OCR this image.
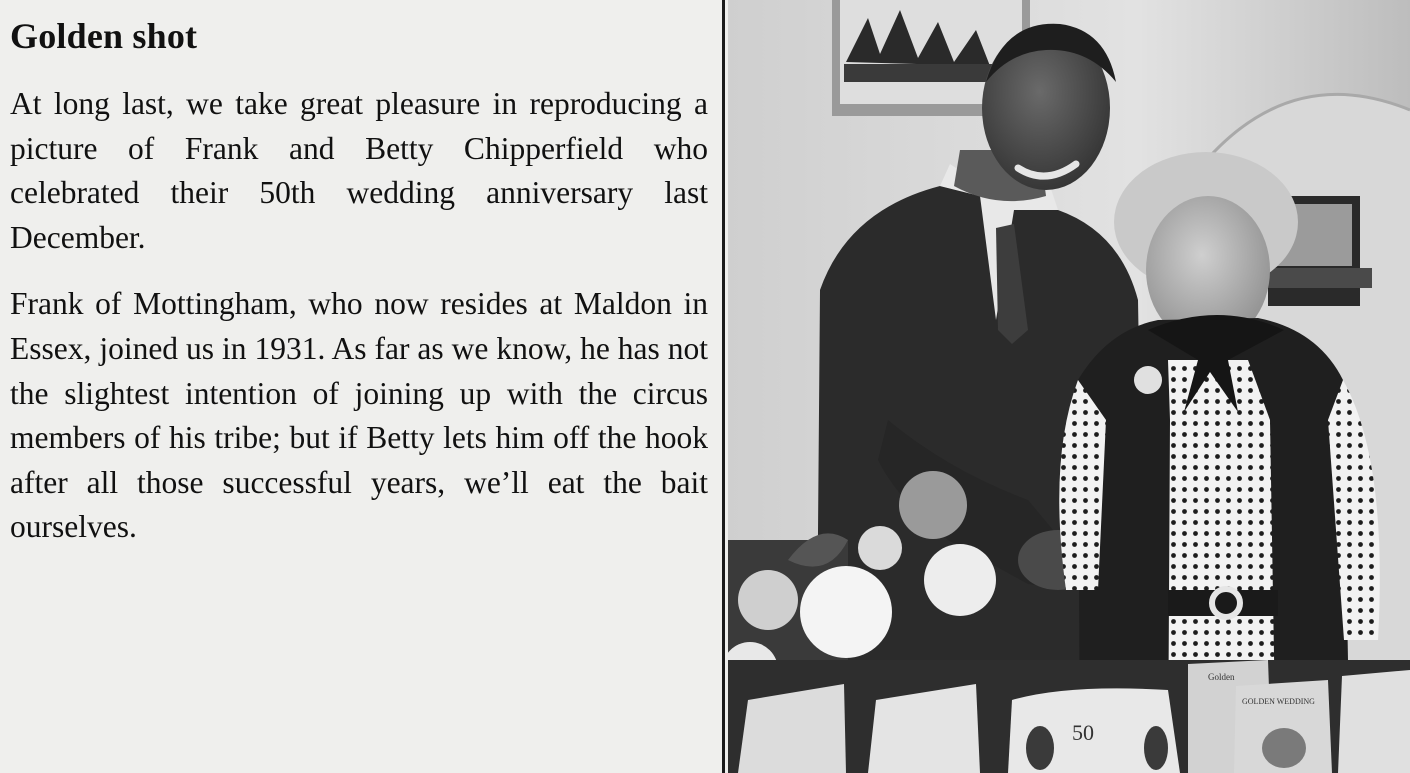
Golden shot

At long last, we take great pleasure in reproducing a picture of Frank and Betty Chipperfield who celebrated their 50th wedding anniversary last December.

Frank of Mottingham, who now resides at Maldon in Essex, joined us in 1931. As far as we know, he has not the slightest intention of joining up with the circus members of his tribe; but if Betty lets him off the hook after all those successful years, we’ll eat the bait ourselves.

50
Golden
GOLDEN WEDDING
